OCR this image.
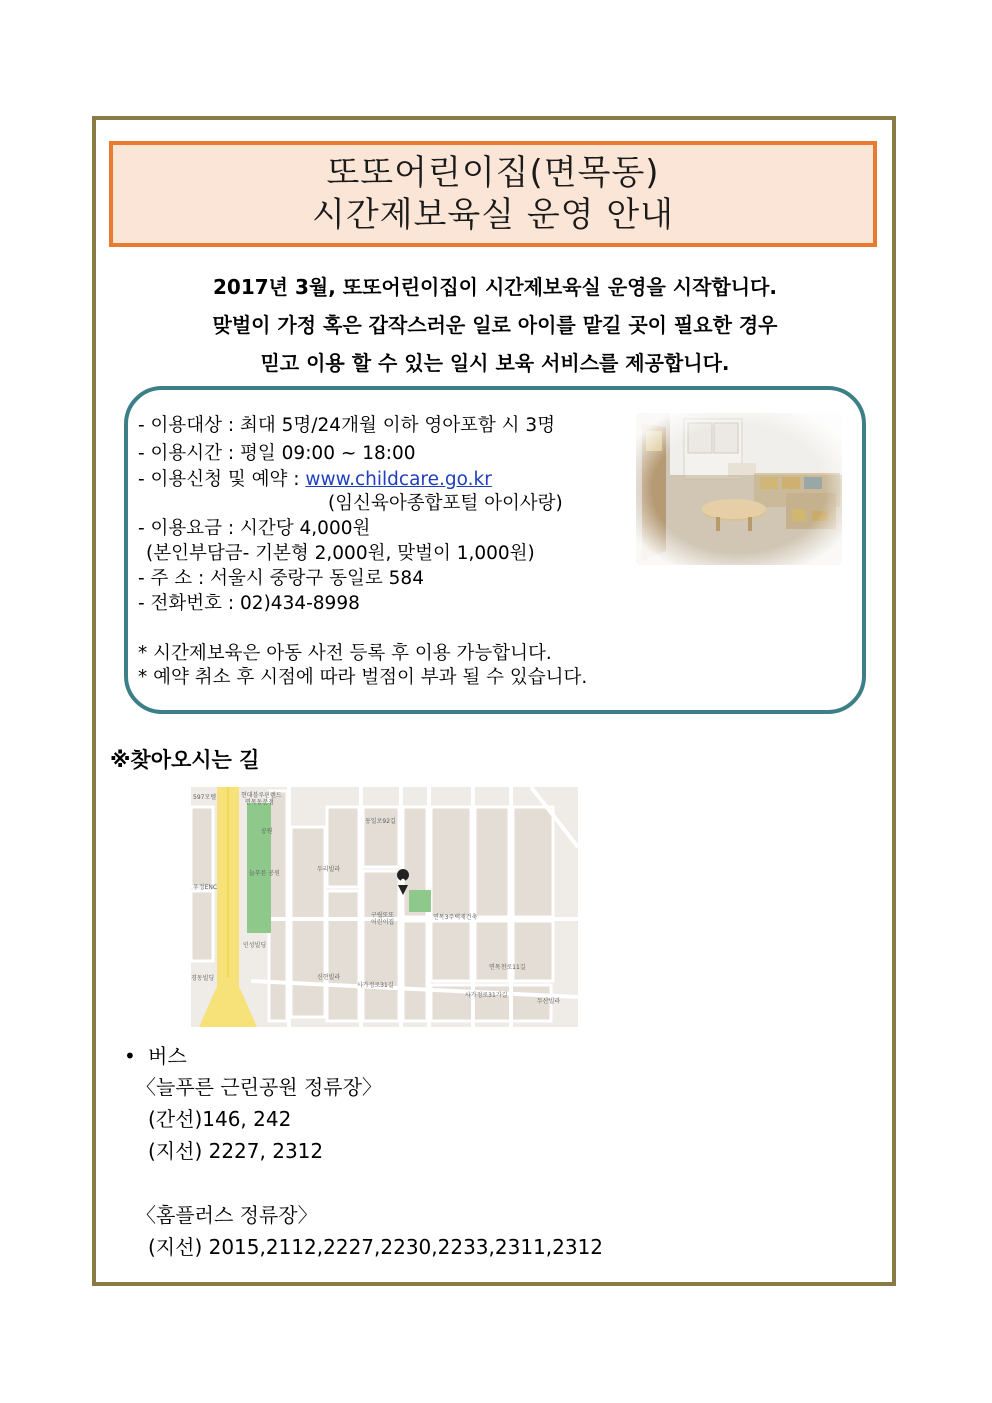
또또어린이집(면목동)
시간제보육실 운영 안내
2017년 3월, 또또어린이집이 시간제보육실 운영을 시작합니다.
맞벌이 가정 혹은 갑작스러운 일로 아이를 맡길 곳이 필요한 경우
믿고 이용 할 수 있는 일시 보육 서비스를 제공합니다.
- 이용대상 : 최대 5명/24개월 이하 영아포함 시 3명
- 이용시간 : 평일 09:00 ~ 18:00
- 이용신청 및 예약 : www.childcare.go.kr
(임신육아종합포털 아이사랑)
- 이용요금 : 시간당 4,000원
(본인부담금- 기본형 2,000원, 맞벌이 1,000원)
- 주 소 : 서울시 중랑구 동일로 584
- 전화번호 : 02)434-8998
* 시간제보육은 아동 사전 등록 후 이용 가능합니다.
* 예약 취소 후 시점에 따라 벌점이 부과 될 수 있습니다.
※찾아오시는 길
597모텔	현대블루핀랜드
면목동분점
공원
두리빌라
늘푸른 공원
우정ENC
구립또또
어린이집
면목3주택재건축
인성빌딩
경동빌딩	신현빌라
사가정로31길
사가정로31가길
두산빌라
동일로92길
면목천로11길
• 버스
〈늘푸른 근린공원 정류장〉
(간선)146, 242
(지선) 2227, 2312
〈홈플러스 정류장〉
(지선) 2015,2112,2227,2230,2233,2311,2312
